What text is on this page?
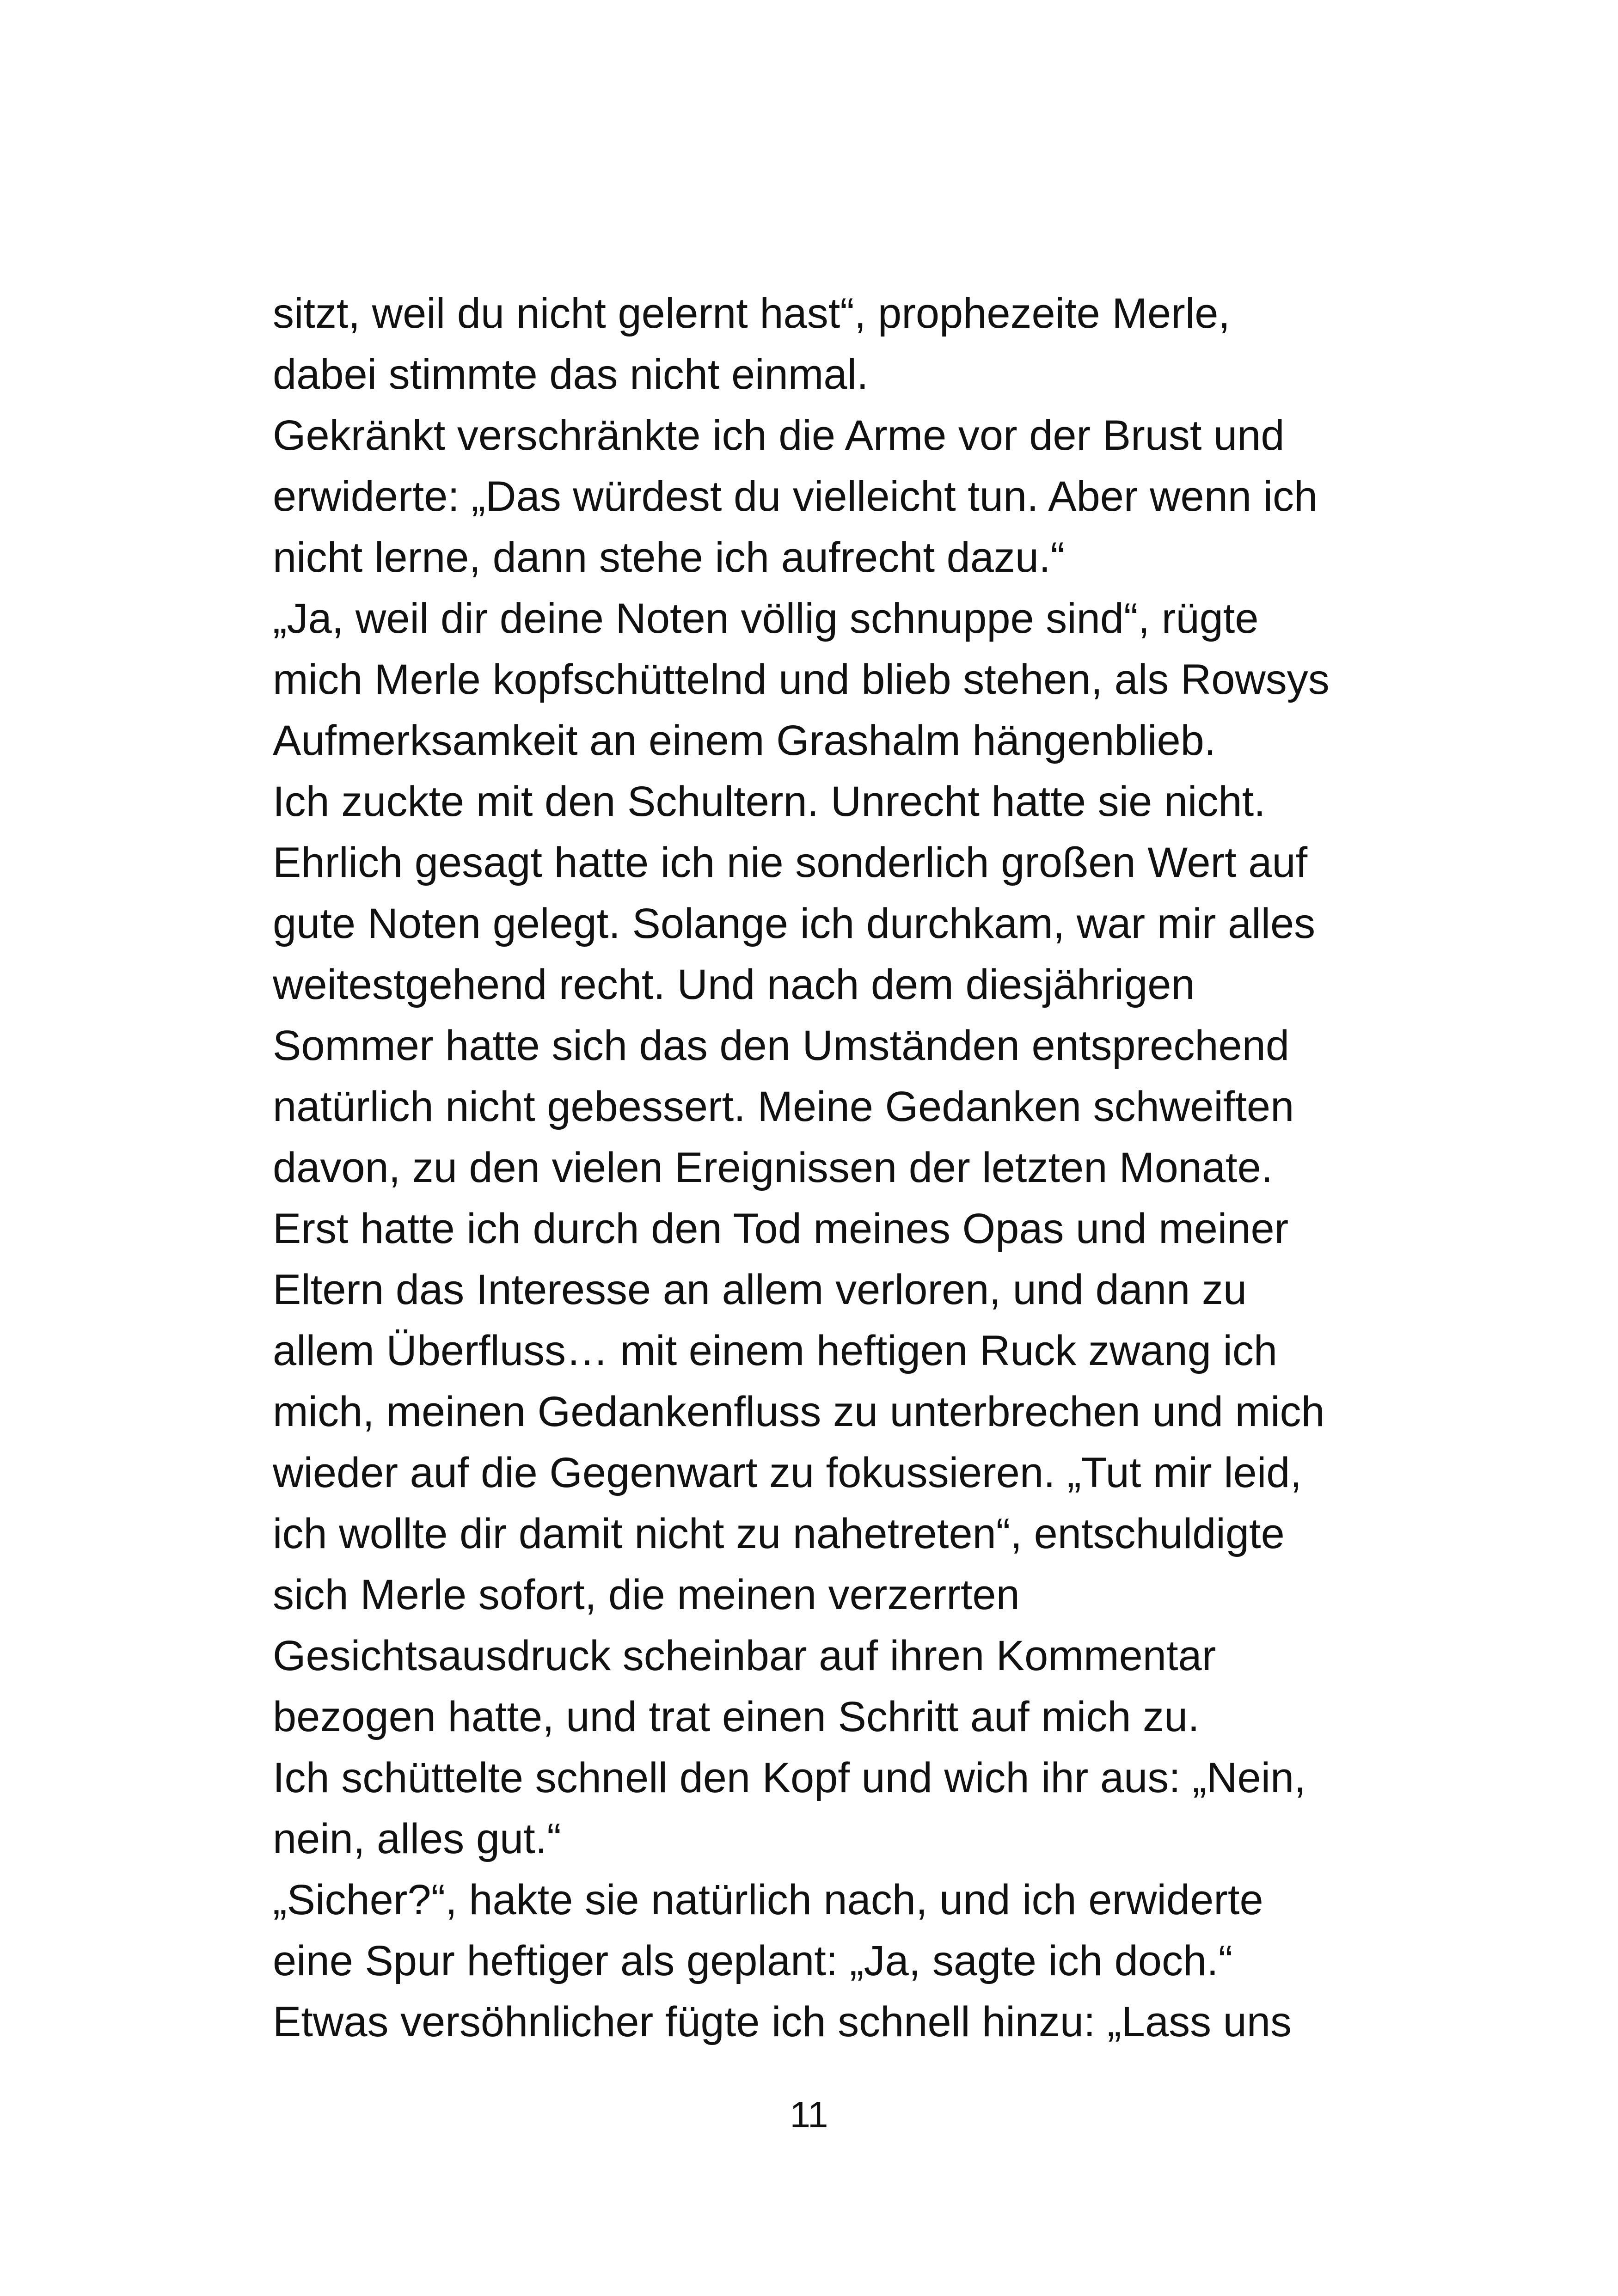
sitzt, weil du nicht gelernt hast“, prophezeite Merle,
dabei stimmte das nicht einmal.
Gekränkt verschränkte ich die Arme vor der Brust und
erwiderte: „Das würdest du vielleicht tun. Aber wenn ich
nicht lerne, dann stehe ich aufrecht dazu.“
„Ja, weil dir deine Noten völlig schnuppe sind“, rügte
mich Merle kopfschüttelnd und blieb stehen, als Rowsys
Aufmerksamkeit an einem Grashalm hängenblieb.
Ich zuckte mit den Schultern. Unrecht hatte sie nicht.
Ehrlich gesagt hatte ich nie sonderlich großen Wert auf
gute Noten gelegt. Solange ich durchkam, war mir alles
weitestgehend recht. Und nach dem diesjährigen
Sommer hatte sich das den Umständen entsprechend
natürlich nicht gebessert. Meine Gedanken schweiften
davon, zu den vielen Ereignissen der letzten Monate.
Erst hatte ich durch den Tod meines Opas und meiner
Eltern das Interesse an allem verloren, und dann zu
allem Überfluss… mit einem heftigen Ruck zwang ich
mich, meinen Gedankenfluss zu unterbrechen und mich
wieder auf die Gegenwart zu fokussieren. „Tut mir leid,
ich wollte dir damit nicht zu nahetreten“, entschuldigte
sich Merle sofort, die meinen verzerrten
Gesichtsausdruck scheinbar auf ihren Kommentar
bezogen hatte, und trat einen Schritt auf mich zu.
Ich schüttelte schnell den Kopf und wich ihr aus: „Nein,
nein, alles gut.“
„Sicher?“, hakte sie natürlich nach, und ich erwiderte
eine Spur heftiger als geplant: „Ja, sagte ich doch.“
Etwas versöhnlicher fügte ich schnell hinzu: „Lass uns
11
